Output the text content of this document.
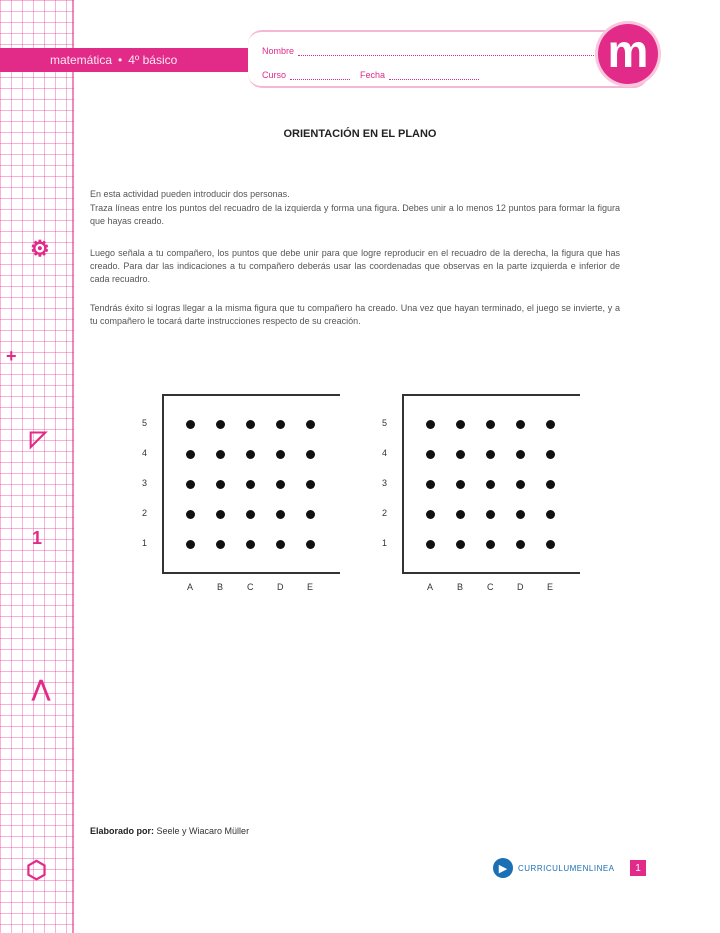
⚙
+
◸
1
⋀
⬡
matemática • 4º básico
Nombre
Curso	Fecha	m
ORIENTACIÓN EN EL PLANO

En esta actividad pueden introducir dos personas.

Traza líneas entre los puntos del recuadro de la izquierda y forma una figura. Debes unir a lo menos 12 puntos para formar la figura que hayas creado.

Luego señala a tu compañero, los puntos que debe unir para que logre reproducir en el recuadro de la derecha, la figura que has creado. Para dar las indicaciones a tu compañero deberás usar las coordenadas que observas en la parte izquierda e inferior de cada recuadro.

Tendrás éxito si logras llegar a la misma figura que tu compañero ha creado. Una vez que hayan terminado, el juego se invierte, y a tu compañero le tocará darte instrucciones respecto de su creación.

5
4
3
2
1
A	B	C	D	E
5
4
3
2
1
A	B	C	D	E
Elaborado por: Seele y Wiacaro Müller
▶	CURRICULUMENLINEA	1
